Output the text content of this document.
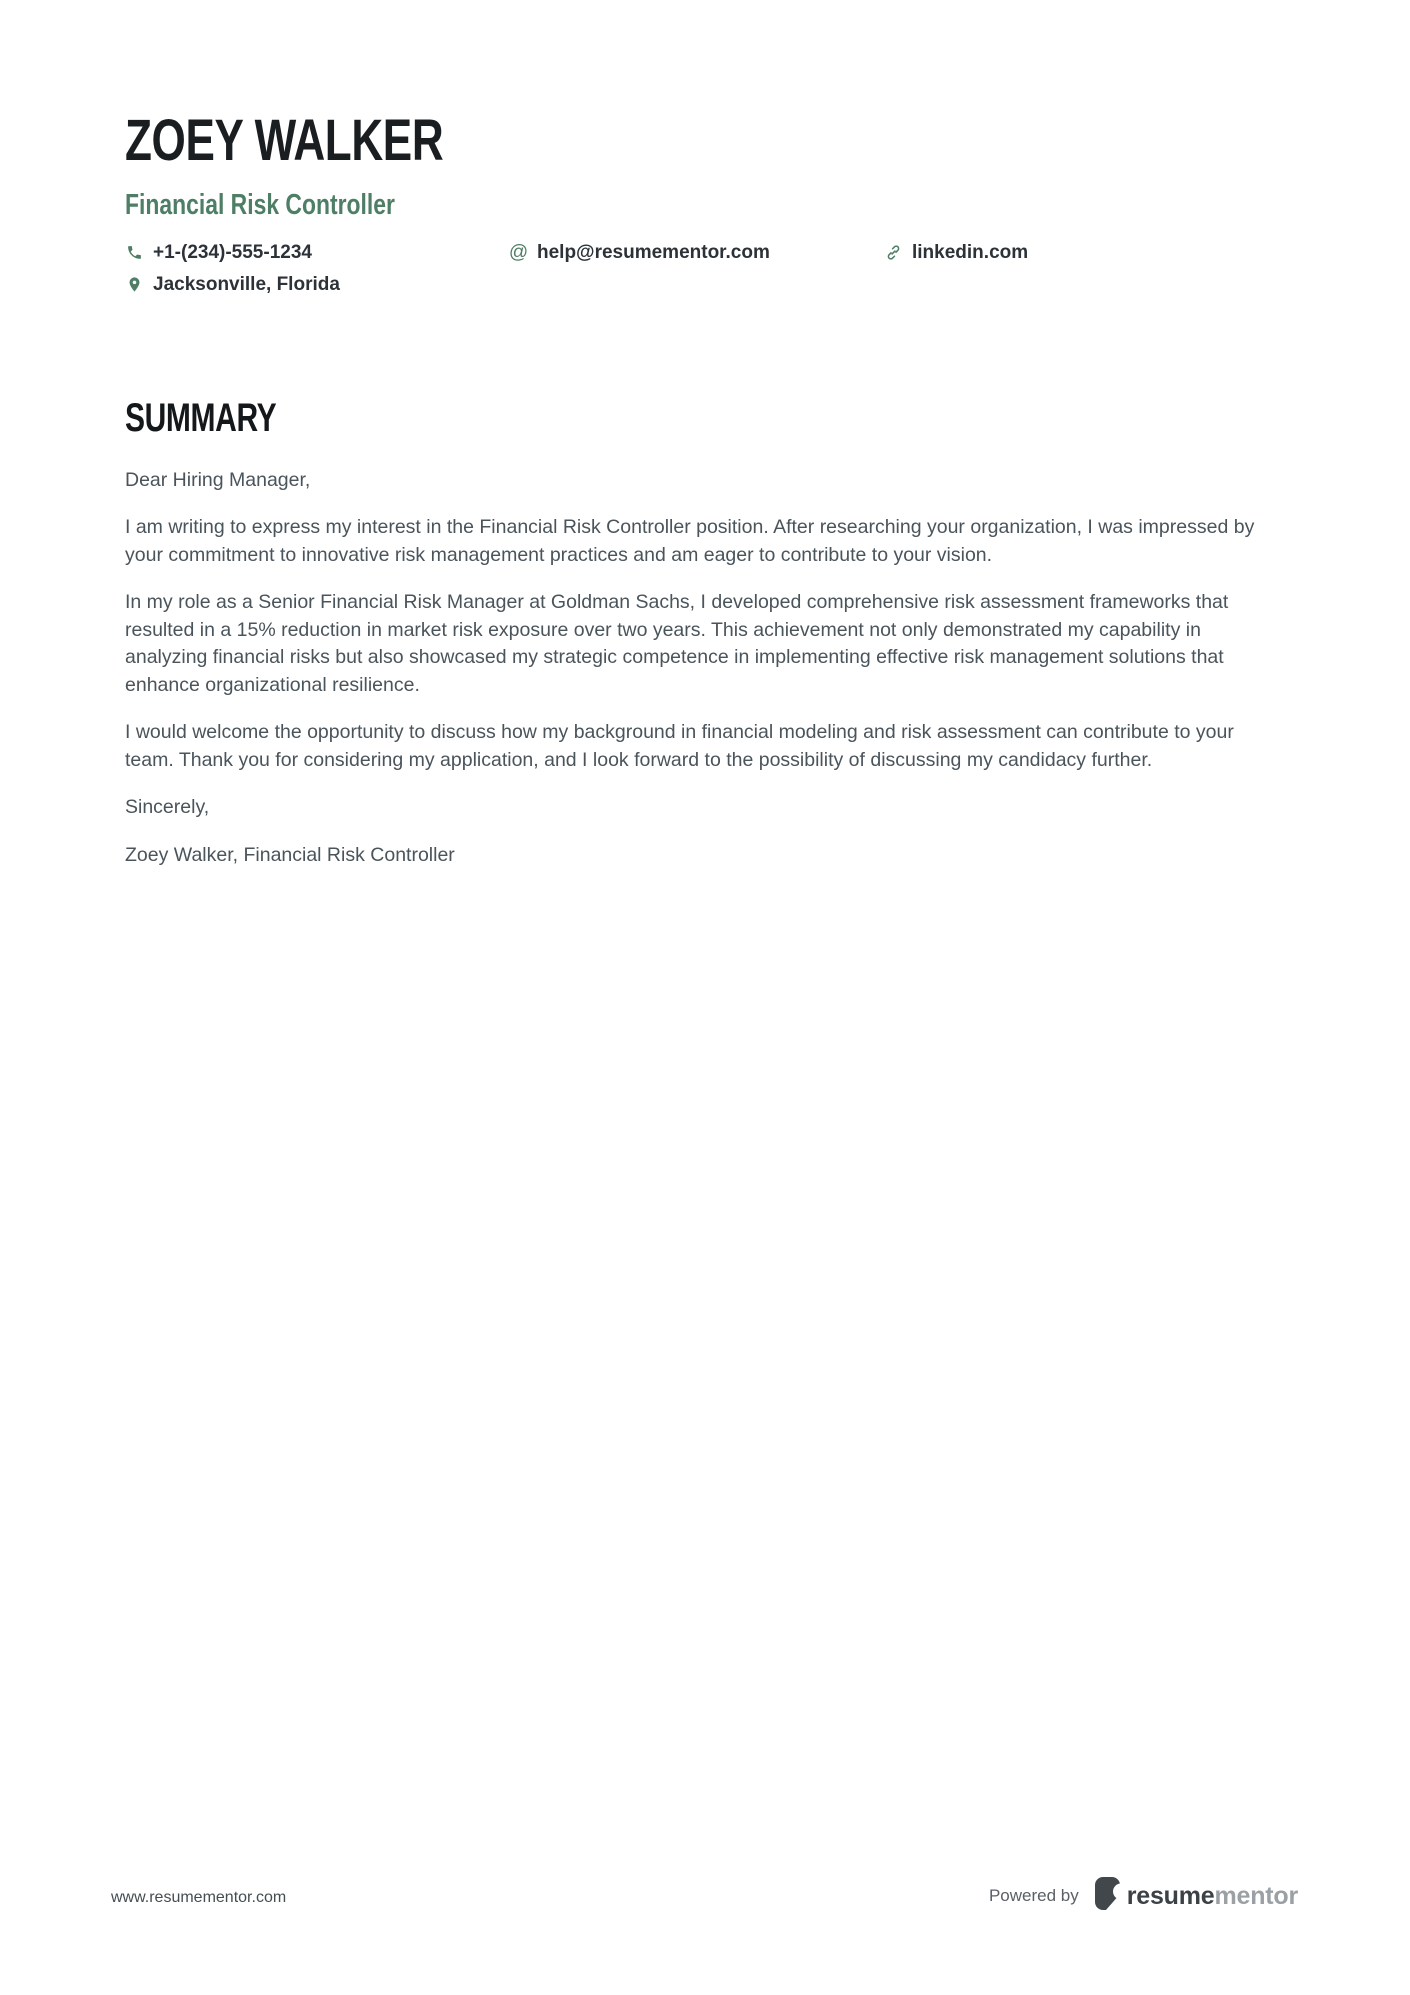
ZOEY WALKER
Financial Risk Controller
+1-(234)-555-1234	@ help@resumementor.com	linkedin.com
Jacksonville, Florida
SUMMARY

Dear Hiring Manager,

I am writing to express my interest in the Financial Risk Controller position. After researching your organization, I was impressed by your commitment to innovative risk management practices and am eager to contribute to your vision.

In my role as a Senior Financial Risk Manager at Goldman Sachs, I developed comprehensive risk assessment frameworks that resulted in a 15% reduction in market risk exposure over two years. This achievement not only demonstrated my capability in analyzing financial risks but also showcased my strategic competence in implementing effective risk management solutions that enhance organizational resilience.

I would welcome the opportunity to discuss how my background in financial modeling and risk assessment can contribute to your team. Thank you for considering my application, and I look forward to the possibility of discussing my candidacy further.

Sincerely,

Zoey Walker, Financial Risk Controller

www.resumementor.com	Powered by resumementor
